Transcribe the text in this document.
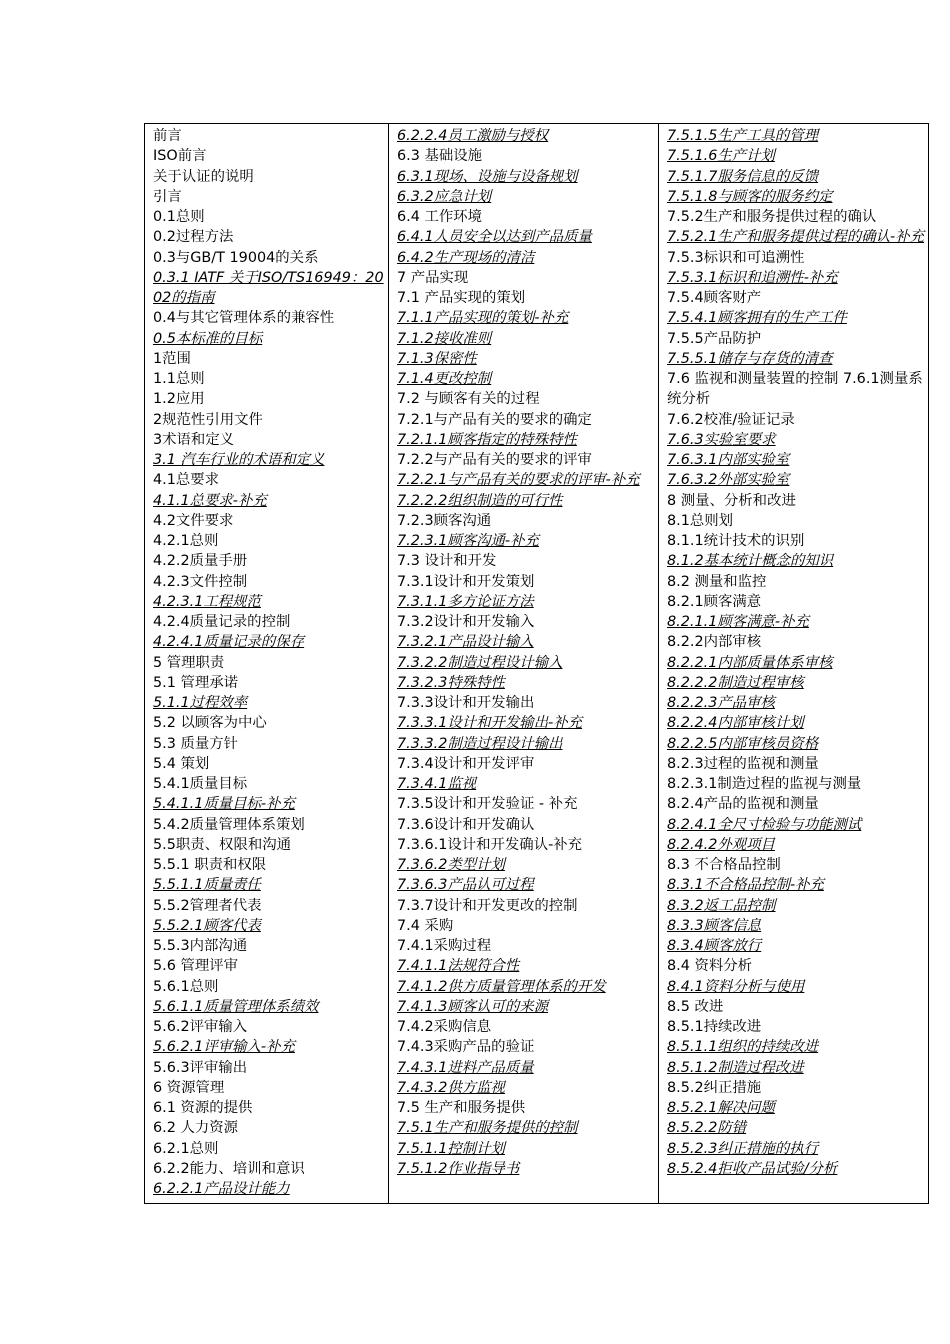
前言
ISO前言
关于认证的说明
引言
0.1总则
0.2过程方法
0.3与GB/T 19004的关系
0.3.1 IATF 关于ISO/TS16949：2002的指南
0.4与其它管理体系的兼容性
0.5本标准的目标
1范围
1.1总则
1.2应用
2规范性引用文件
3术语和定义
3.1 汽车行业的术语和定义
4.1总要求
4.1.1总要求-补充
4.2文件要求
4.2.1总则
4.2.2质量手册
4.2.3文件控制
4.2.3.1工程规范
4.2.4质量记录的控制
4.2.4.1质量记录的保存
5 管理职责
5.1 管理承诺
5.1.1过程效率
5.2 以顾客为中心
5.3 质量方针
5.4 策划
5.4.1质量目标
5.4.1.1质量目标-补充
5.4.2质量管理体系策划
5.5职责、权限和沟通
5.5.1 职责和权限
5.5.1.1质量责任
5.5.2管理者代表
5.5.2.1顾客代表
5.5.3内部沟通
5.6 管理评审
5.6.1总则
5.6.1.1质量管理体系绩效
5.6.2评审输入
5.6.2.1评审输入-补充
5.6.3评审输出
6 资源管理
6.1 资源的提供
6.2 人力资源
6.2.1总则
6.2.2能力、培训和意识
6.2.2.1产品设计能力

6.2.2.4员工激励与授权
6.3 基础设施
6.3.1现场、设施与设备规划
6.3.2应急计划
6.4 工作环境
6.4.1人员安全以达到产品质量
6.4.2生产现场的清洁
7 产品实现
7.1 产品实现的策划
7.1.1产品实现的策划-补充
7.1.2接收准则
7.1.3保密性
7.1.4更改控制
7.2 与顾客有关的过程
7.2.1与产品有关的要求的确定
7.2.1.1顾客指定的特殊特性
7.2.2与产品有关的要求的评审
7.2.2.1与产品有关的要求的评审-补充
7.2.2.2组织制造的可行性
7.2.3顾客沟通
7.2.3.1顾客沟通-补充
7.3 设计和开发
7.3.1设计和开发策划
7.3.1.1多方论证方法
7.3.2设计和开发输入
7.3.2.1产品设计输入
7.3.2.2制造过程设计输入
7.3.2.3特殊特性
7.3.3设计和开发输出
7.3.3.1设计和开发输出-补充
7.3.3.2制造过程设计输出
7.3.4设计和开发评审
7.3.4.1监视
7.3.5设计和开发验证 - 补充
7.3.6设计和开发确认
7.3.6.1设计和开发确认-补充
7.3.6.2类型计划
7.3.6.3产品认可过程
7.3.7设计和开发更改的控制
7.4 采购
7.4.1采购过程
7.4.1.1法规符合性
7.4.1.2供方质量管理体系的开发
7.4.1.3顾客认可的来源
7.4.2采购信息
7.4.3采购产品的验证
7.4.3.1进料产品质量
7.4.3.2供方监视
7.5 生产和服务提供
7.5.1生产和服务提供的控制
7.5.1.1控制计划
7.5.1.2作业指导书

7.5.1.5生产工具的管理
7.5.1.6生产计划
7.5.1.7服务信息的反馈
7.5.1.8与顾客的服务约定
7.5.2生产和服务提供过程的确认
7.5.2.1生产和服务提供过程的确认-补充
7.5.3标识和可追溯性
7.5.3.1标识和追溯性-补充
7.5.4顾客财产
7.5.4.1顾客拥有的生产工件
7.5.5产品防护
7.5.5.1储存与存货的清查
7.6 监视和测量装置的控制 7.6.1测量系统分析
7.6.2校准/验证记录
7.6.3实验室要求
7.6.3.1内部实验室
7.6.3.2外部实验室
8 测量、分析和改进
8.1总则划
8.1.1统计技术的识别
8.1.2基本统计概念的知识
8.2 测量和监控
8.2.1顾客满意
8.2.1.1顾客满意-补充
8.2.2内部审核
8.2.2.1内部质量体系审核
8.2.2.2制造过程审核
8.2.2.3产品审核
8.2.2.4内部审核计划
8.2.2.5内部审核员资格
8.2.3过程的监视和测量
8.2.3.1制造过程的监视与测量
8.2.4产品的监视和测量
8.2.4.1全尺寸检验与功能测试
8.2.4.2外观项目
8.3 不合格品控制
8.3.1不合格品控制-补充
8.3.2返工品控制
8.3.3顾客信息
8.3.4顾客放行
8.4 资料分析
8.4.1资料分析与使用
8.5 改进
8.5.1持续改进
8.5.1.1组织的持续改进
8.5.1.2制造过程改进
8.5.2纠正措施
8.5.2.1解决问题
8.5.2.2防错
8.5.2.3纠正措施的执行
8.5.2.4拒收产品试验/分析
